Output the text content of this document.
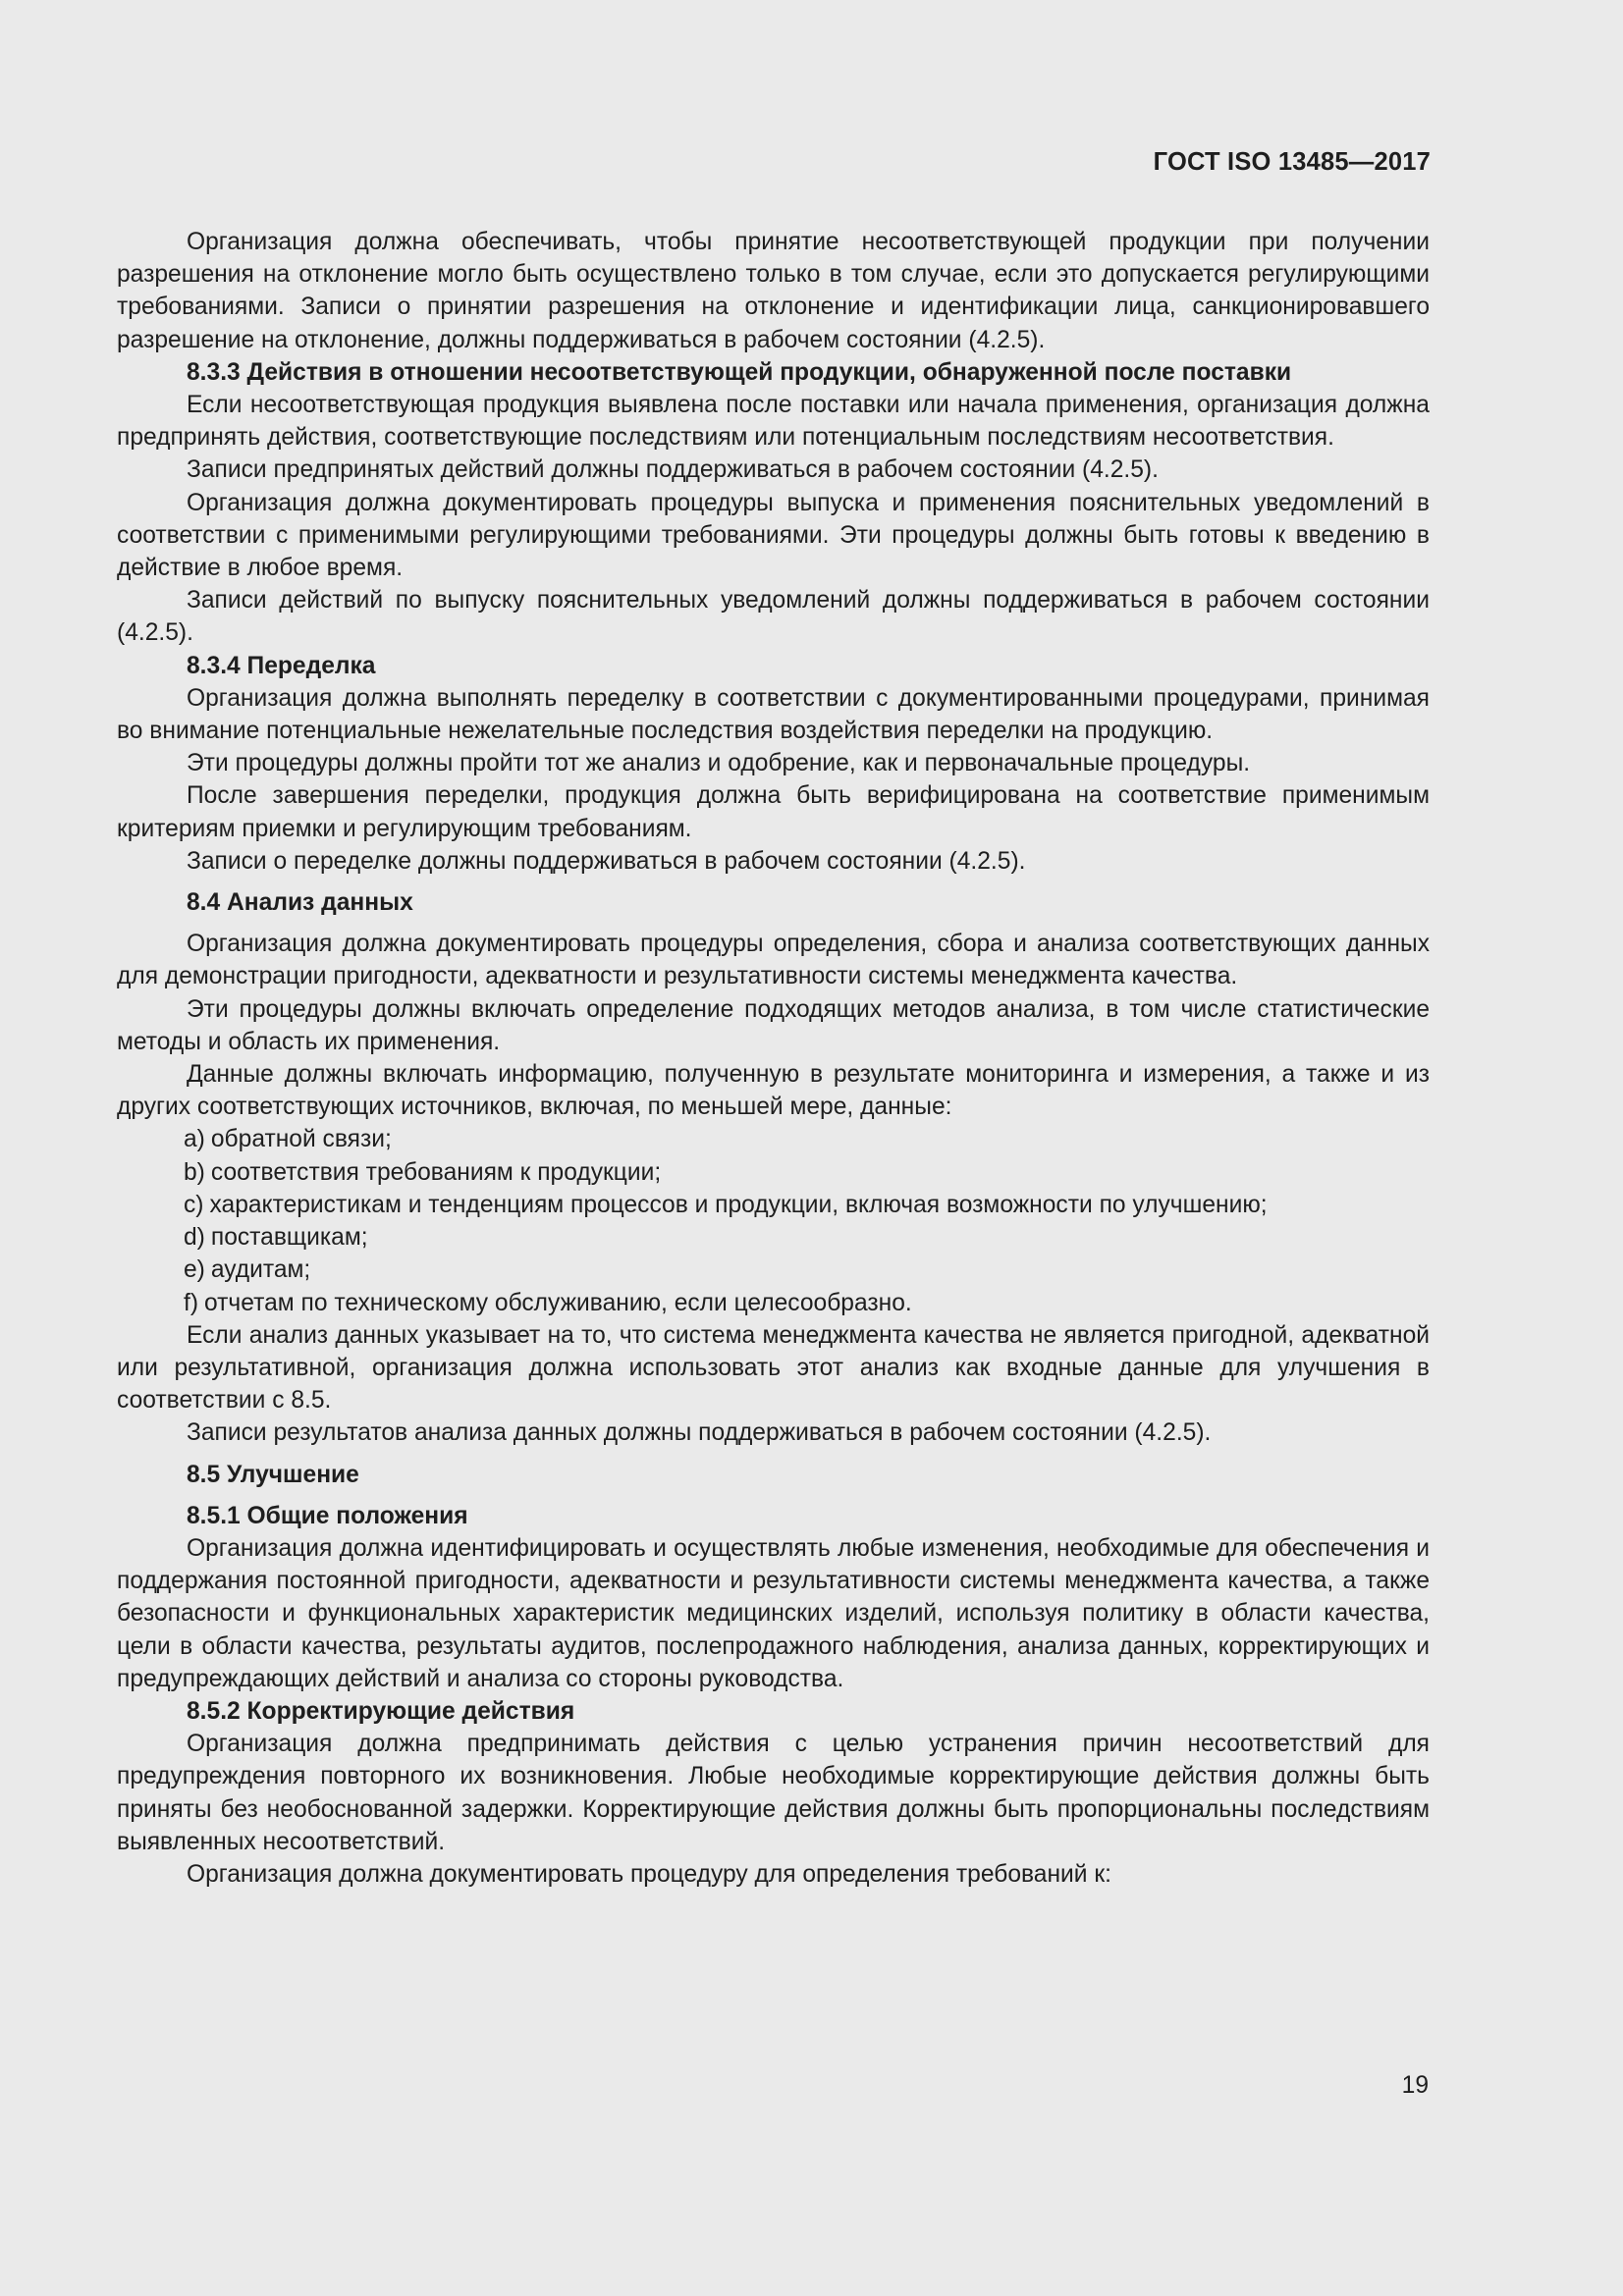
ГОСТ ISO 13485—2017

Организация должна обеспечивать, чтобы принятие несоответствующей продукции при получении разрешения на отклонение могло быть осуществлено только в том случае, если это допускается регулирующими требованиями. Записи о принятии разрешения на отклонение и идентификации лица, санкционировавшего разрешение на отклонение, должны поддерживаться в рабочем состоянии (4.2.5).

8.3.3 Действия в отношении несоответствующей продукции, обнаруженной после поставки

Если несоответствующая продукция выявлена после поставки или начала применения, организация должна предпринять действия, соответствующие последствиям или потенциальным последствиям несоответствия.

Записи предпринятых действий должны поддерживаться в рабочем состоянии (4.2.5).

Организация должна документировать процедуры выпуска и применения пояснительных уведомлений в соответствии с применимыми регулирующими требованиями. Эти процедуры должны быть готовы к введению в действие в любое время.

Записи действий по выпуску пояснительных уведомлений должны поддерживаться в рабочем состоянии (4.2.5).

8.3.4 Переделка

Организация должна выполнять переделку в соответствии с документированными процедурами, принимая во внимание потенциальные нежелательные последствия воздействия переделки на продукцию.

Эти процедуры должны пройти тот же анализ и одобрение, как и первоначальные процедуры.

После завершения переделки, продукция должна быть верифицирована на соответствие применимым критериям приемки и регулирующим требованиям.

Записи о переделке должны поддерживаться в рабочем состоянии (4.2.5).

8.4 Анализ данных

Организация должна документировать процедуры определения, сбора и анализа соответствующих данных для демонстрации пригодности, адекватности и результативности системы менеджмента качества.

Эти процедуры должны включать определение подходящих методов анализа, в том числе статистические методы и область их применения.

Данные должны включать информацию, полученную в результате мониторинга и измерения, а также и из других соответствующих источников, включая, по меньшей мере, данные:

a) обратной связи;

b) соответствия требованиям к продукции;

c) характеристикам и тенденциям процессов и продукции, включая возможности по улучшению;

d) поставщикам;

e) аудитам;

f) отчетам по техническому обслуживанию, если целесообразно.

Если анализ данных указывает на то, что система менеджмента качества не является пригодной, адекватной или результативной, организация должна использовать этот анализ как входные данные для улучшения в соответствии с 8.5.

Записи результатов анализа данных должны поддерживаться в рабочем состоянии (4.2.5).

8.5 Улучшение

8.5.1 Общие положения

Организация должна идентифицировать и осуществлять любые изменения, необходимые для обеспечения и поддержания постоянной пригодности, адекватности и результативности системы менеджмента качества, а также безопасности и функциональных характеристик медицинских изделий, используя политику в области качества, цели в области качества, результаты аудитов, послепродажного наблюдения, анализа данных, корректирующих и предупреждающих действий и анализа со стороны руководства.

8.5.2 Корректирующие действия

Организация должна предпринимать действия с целью устранения причин несоответствий для предупреждения повторного их возникновения. Любые необходимые корректирующие действия должны быть приняты без необоснованной задержки. Корректирующие действия должны быть пропорциональны последствиям выявленных несоответствий.

Организация должна документировать процедуру для определения требований к:

19
